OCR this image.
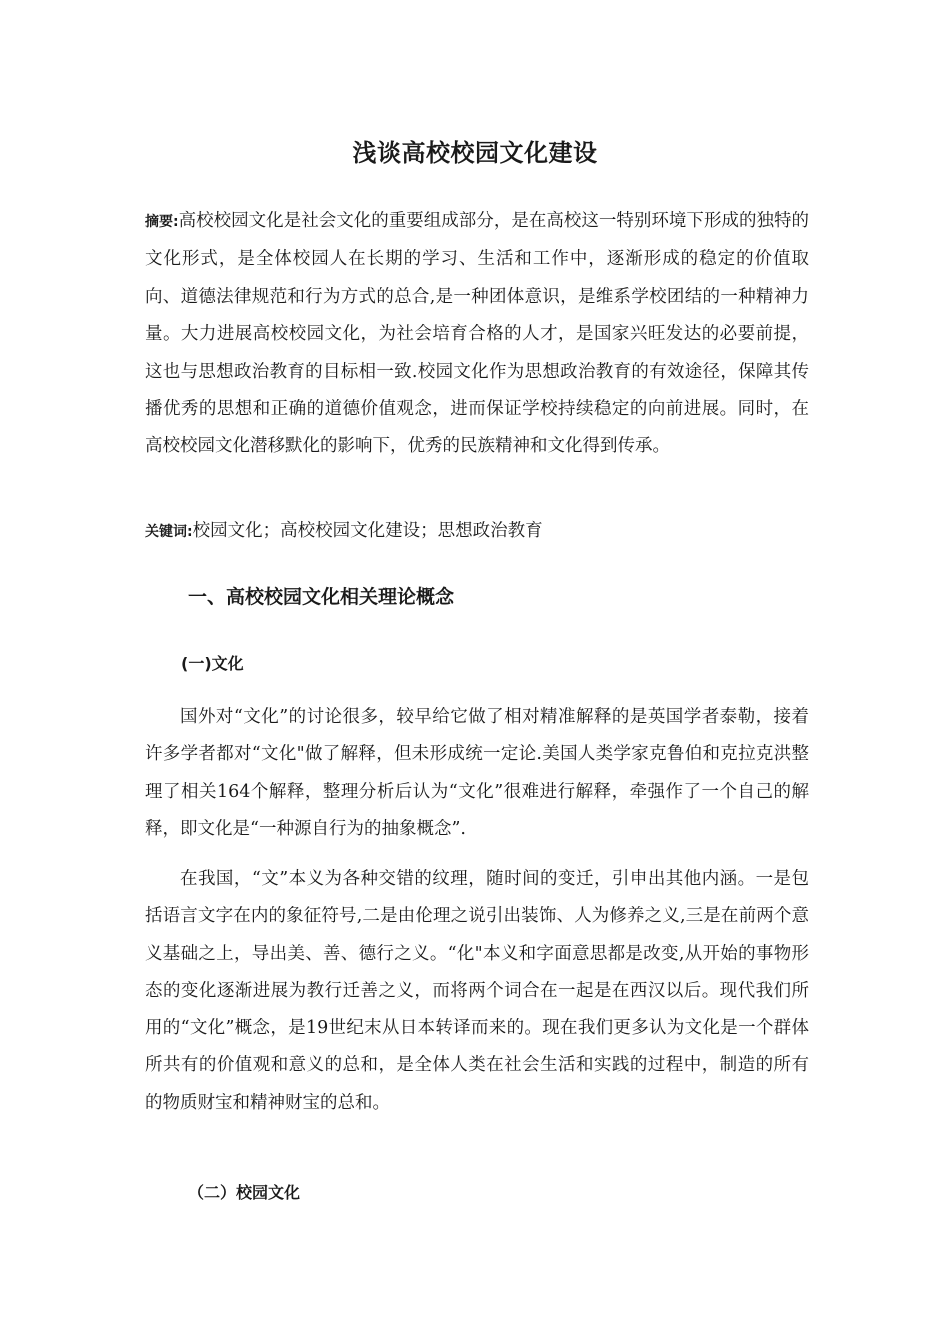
浅谈高校校园文化建设
摘要:高校校园文化是社会文化的重要组成部分，是在高校这一特别环境下形成的独特的文化形式，是全体校园人在长期的学习、生活和工作中，逐渐形成的稳定的价值取向、道德法律规范和行为方式的总合,是一种团体意识，是维系学校团结的一种精神力量。大力进展高校校园文化，为社会培育合格的人才，是国家兴旺发达的必要前提，这也与思想政治教育的目标相一致.校园文化作为思想政治教育的有效途径，保障其传播优秀的思想和正确的道德价值观念，进而保证学校持续稳定的向前进展。同时，在高校校园文化潜移默化的影响下，优秀的民族精神和文化得到传承。
关键词:校园文化；高校校园文化建设；思想政治教育
一、高校校园文化相关理论概念
(一)文化
国外对“文化”的讨论很多，较早给它做了相对精准解释的是英国学者泰勒，接着许多学者都对“文化"做了解释，但未形成统一定论.美国人类学家克鲁伯和克拉克洪整理了相关164个解释，整理分析后认为“文化”很难进行解释，牵强作了一个自己的解释，即文化是“一种源自行为的抽象概念”.
在我国，“文”本义为各种交错的纹理，随时间的变迁，引申出其他内涵。一是包括语言文字在内的象征符号,二是由伦理之说引出装饰、人为修养之义,三是在前两个意义基础之上，导出美、善、德行之义。“化"本义和字面意思都是改变,从开始的事物形态的变化逐渐进展为教行迁善之义，而将两个词合在一起是在西汉以后。现代我们所用的“文化”概念，是19世纪末从日本转译而来的。现在我们更多认为文化是一个群体所共有的价值观和意义的总和，是全体人类在社会生活和实践的过程中，制造的所有的物质财宝和精神财宝的总和。
（二）校园文化
